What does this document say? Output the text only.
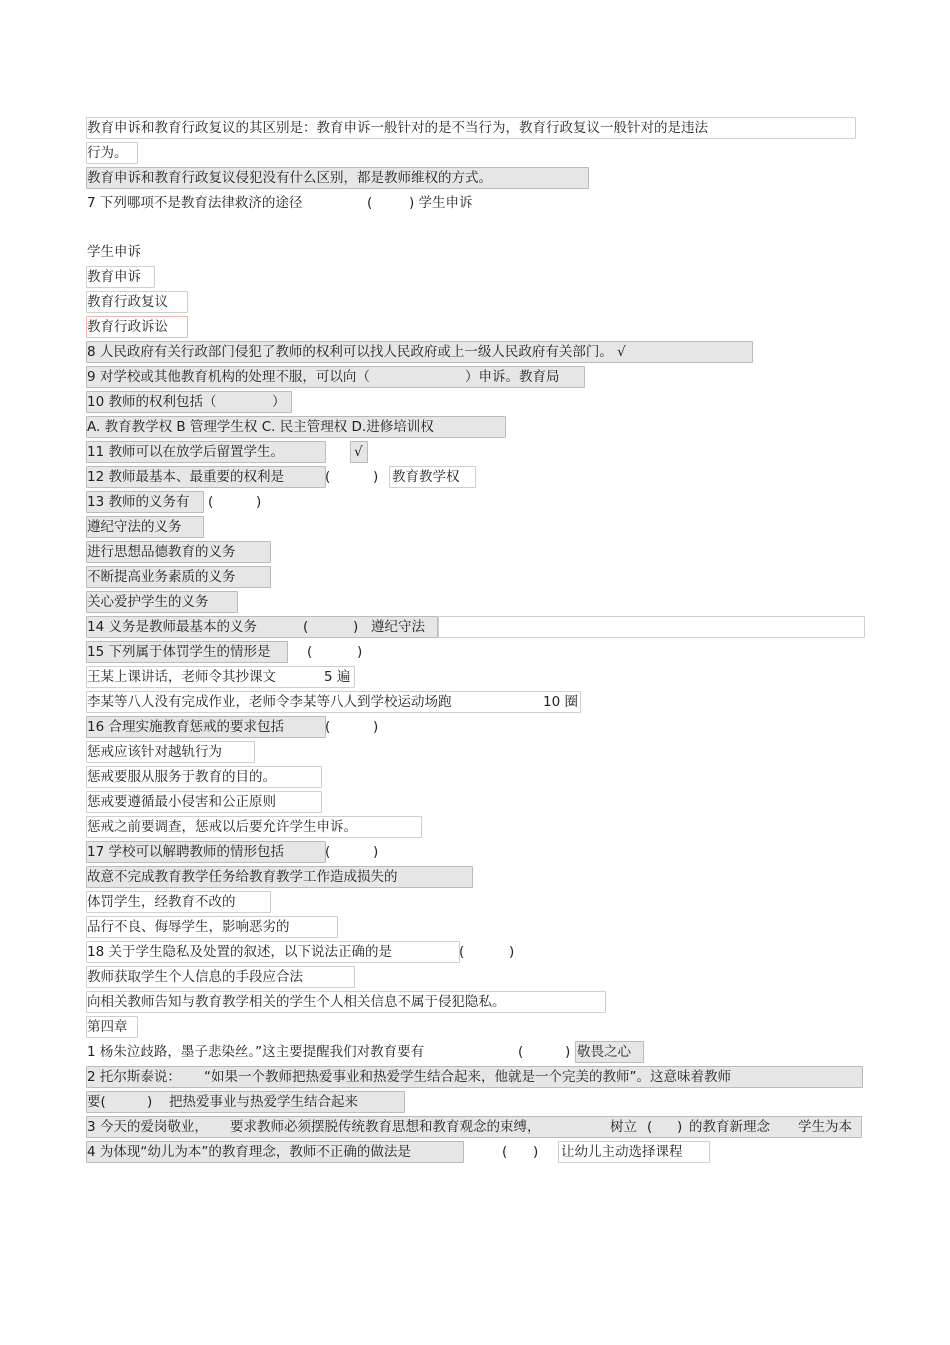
教育申诉和教育行政复议的其区别是：教育申诉一般针对的是不当行为，教育行政复议一般针对的是违法
行为。
教育申诉和教育行政复议侵犯没有什么区别，都是教师维权的方式。
7 下列哪项不是教育法律救济的途径	(	) 学生申诉
学生申诉
教育申诉
教育行政复议
教育行政诉讼
8 人民政府有关行政部门侵犯了教师的权利可以找人民政府或上一级人民政府有关部门。 √
9 对学校或其他教育机构的处理不服，可以向（	）申诉。教育局
10 教师的权利包括（	）
A. 教育教学权 B 管理学生权 C. 民主管理权 D.进修培训权
11 教师可以在放学后留置学生。	√
12 教师最基本、最重要的权利是	(	) 教育教学权
13 教师的义务有 (	)
遵纪守法的义务
进行思想品德教育的义务
不断提高业务素质的义务
关心爱护学生的义务
14 义务是教师最基本的义务	(	) 遵纪守法
15 下列属于体罚学生的情形是	(	)
王某上课讲话，老师令其抄课文	5 遍
李某等八人没有完成作业，老师令李某等八人到学校运动场跑	10 圈
16 合理实施教育惩戒的要求包括	(	)
惩戒应该针对越轨行为
惩戒要服从服务于教育的目的。
惩戒要遵循最小侵害和公正原则
惩戒之前要调查，惩戒以后要允许学生申诉。
17 学校可以解聘教师的情形包括	(	)
故意不完成教育教学任务给教育教学工作造成损失的
体罚学生，经教育不改的
品行不良、侮辱学生，影响恶劣的
18 关于学生隐私及处置的叙述，以下说法正确的是	(	)
教师获取学生个人信息的手段应合法
向相关教师告知与教育教学相关的学生个人相关信息不属于侵犯隐私。
第四章
1 杨朱泣歧路，墨子悲染丝。”这主要提醒我们对教育要有	(	) 敬畏之心
2 托尔斯泰说： “如果一个教师把热爱事业和热爱学生结合起来，他就是一个完美的教师”。这意味着教师
要(	) 把热爱事业与热爱学生结合起来
3 今天的爱岗敬业， 要求教师必须摆脱传统教育思想和教育观念的束缚，	树立 ( ) 的教育新理念 学生为本
4 为体现“幼儿为本”的教育理念，教师不正确的做法是	( ) 让幼儿主动选择课程
